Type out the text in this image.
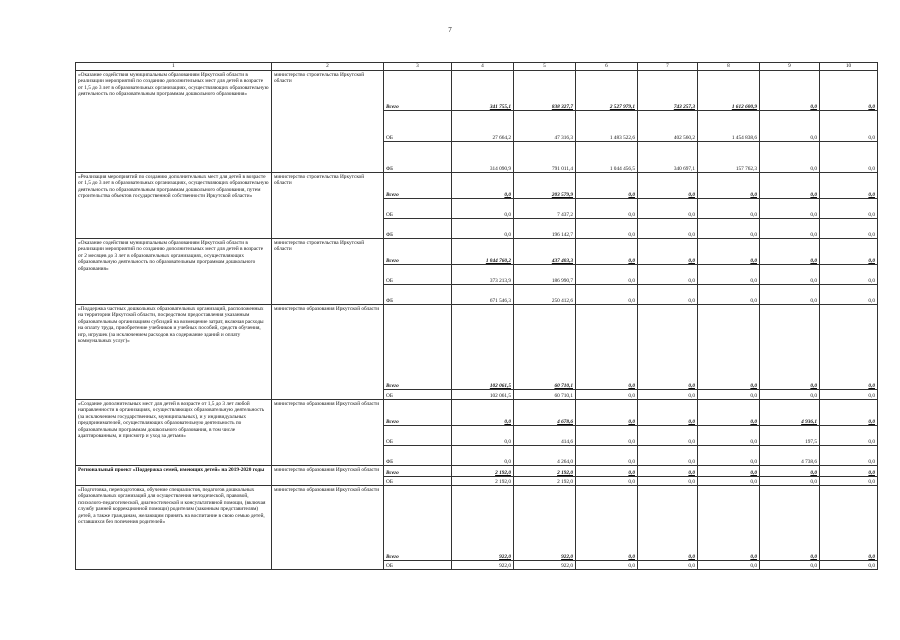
7
1	2	3	4	5	6	7	8	9	10
«Оказание содействия муниципальным образованиям Иркутской области в реализации мероприятий по созданию дополнительных мест для детей в возрасте от 1,5 до 3 лет в образовательных организациях, осуществляющих образовательную деятельность по образовательным программам дошкольного образования»	министерство строительства Иркутской области	Всего	341 755,1	838 327,7	2 527 979,1	743 257,3	1 612 600,9	0,0	0,0
		ОБ	27 664,2	47 316,3	1 483 522,6	402 560,2	1 454 838,6	0,0	0,0
		ФБ	314 090,9	791 011,4	1 044 456,5	340 697,1	157 762,3	0,0	0,0
«Реализация мероприятий по созданию дополнительных мест для детей в возрасте от 1,5 до 3 лет в образовательных организациях, осуществляющих образовательную деятельность по образовательным программам дошкольного образования, путем строительства объектов государственной собственности Иркутской области»	министерство строительства Иркутской области	Всего	0,0	203 579,9	0,0	0,0	0,0	0,0	0,0
		ОБ	0,0	7 437,2	0,0	0,0	0,0	0,0	0,0
		ФБ	0,0	196 142,7	0,0	0,0	0,0	0,0	0,0
«Оказание содействия муниципальным образованиям Иркутской области в реализации мероприятий по созданию дополнительных мест для детей в возрасте от 2 месяцев до 3 лет в образовательных организациях, осуществляющих образовательную деятельность по образовательным программам дошкольного образования»	министерство строительства Иркутской области	Всего	1 044 760,2	437 403,3	0,0	0,0	0,0	0,0	0,0
		ОБ	373 213,9	186 990,7	0,0	0,0	0,0	0,0	0,0
		ФБ	671 546,3	250 412,6	0,0	0,0	0,0	0,0	0,0
«Поддержка частных дошкольных образовательных организаций, расположенных на территории Иркутской области, посредством предоставления указанным образовательным организациям субсидий на возмещение затрат, включая расходы на оплату труда, приобретение учебников и учебных пособий, средств обучения, игр, игрушек (за исключением расходов на содержание зданий и оплату коммунальных услуг)»	министерство образования Иркутской области	Всего	102 061,5	60 710,1	0,0	0,0	0,0	0,0	0,0
		ОБ	102 061,5	60 710,1	0,0	0,0	0,0	0,0	0,0
«Создание дополнительных мест для детей в возрасте от 1,5 до 3 лет любой направленности в организациях, осуществляющих образовательную деятельность (за исключением государственных, муниципальных), и у индивидуальных предпринимателей, осуществляющих образовательную деятельность по образовательным программам дошкольного образования, в том числе адаптированным, и присмотр и уход за детьми»	министерство образования Иркутской области	Всего	0,0	4 678,6	0,0	0,0	0,0	4 936,1	0,0
		ОБ	0,0	414,6	0,0	0,0	0,0	197,5	0,0
		ФБ	0,0	4 264,0	0,0	0,0	0,0	4 738,6	0,0
Региональный проект «Поддержка семей, имеющих детей» на 2019-2020 годы	министерство образования Иркутской области	Всего	2 192,0	2 192,0	0,0	0,0	0,0	0,0	0,0
		ОБ	2 192,0	2 192,0	0,0	0,0	0,0	0,0	0,0
«Подготовка, переподготовка, обучение специалистов, педагогов дошкольных образовательных организаций для осуществления методической, правовой, психолого-педагогической, диагностической и консультативной помощи, (включая службу ранней коррекционной помощи) родителям (законным представителям) детей, а также гражданам, желающим принять на воспитание в свою семью детей, оставшихся без попечения родителей»	министерство образования Иркутской области	Всего	922,0	922,0	0,0	0,0	0,0	0,0	0,0
		ОБ	922,0	922,0	0,0	0,0	0,0	0,0	0,0
